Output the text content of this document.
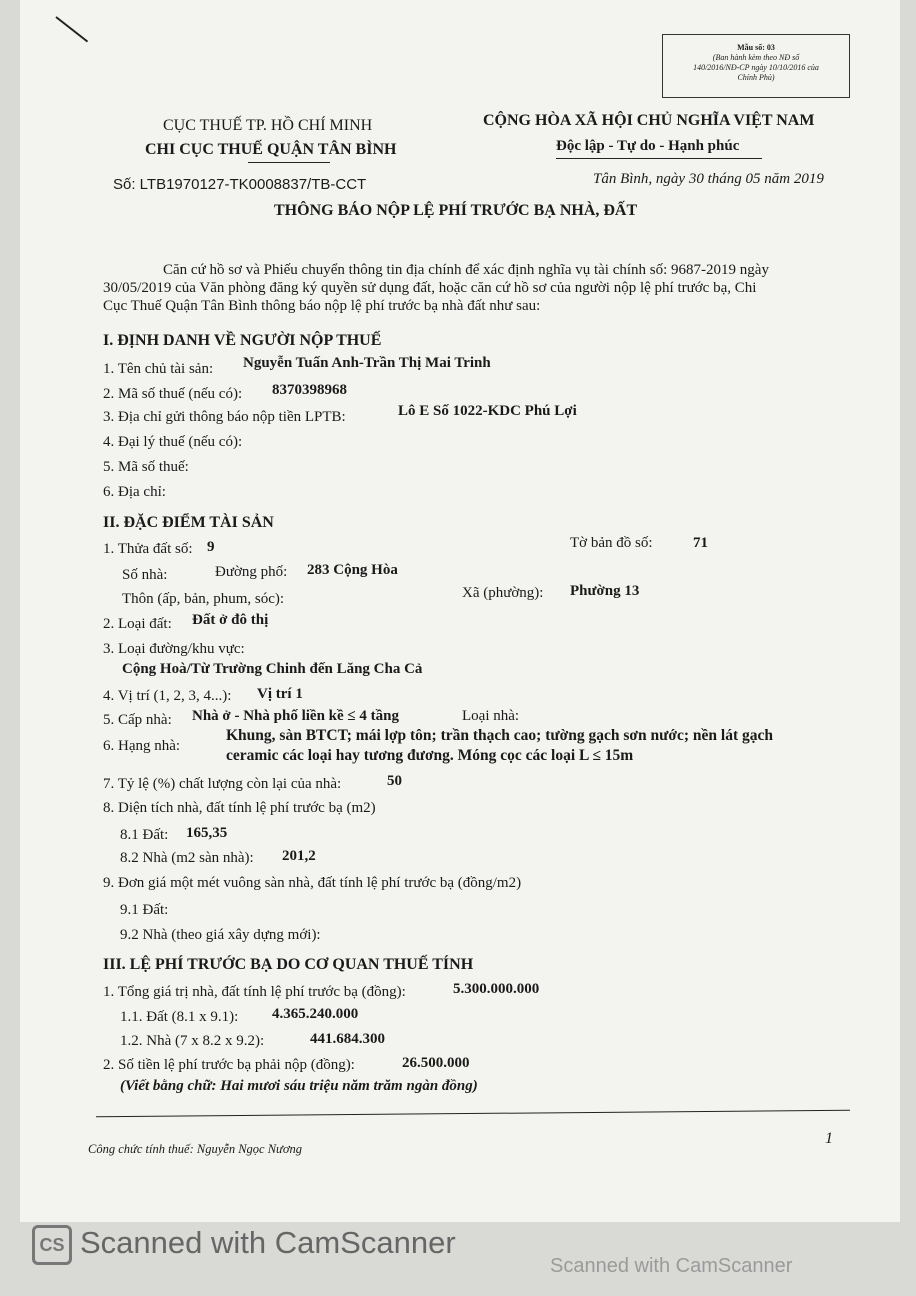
Mẫu số: 03
(Ban hành kèm theo NĐ số
140/2016/NĐ-CP ngày 10/10/2016 của
Chính Phủ)
CỤC THUẾ TP. HỒ CHÍ MINH
CHI CỤC THUẾ QUẬN TÂN BÌNH
Số: LTB1970127-TK0008837/TB-CCT
CỘNG HÒA XÃ HỘI CHỦ NGHĨA VIỆT NAM
Độc lập - Tự do - Hạnh phúc
Tân Bình, ngày 30 tháng 05 năm 2019
THÔNG BÁO NỘP LỆ PHÍ TRƯỚC BẠ NHÀ, ĐẤT
Căn cứ hồ sơ và Phiếu chuyển thông tin địa chính để xác định nghĩa vụ tài chính số: 9687-2019 ngày
30/05/2019 của Văn phòng đăng ký quyền sử dụng đất, hoặc căn cứ hồ sơ của người nộp lệ phí trước bạ, Chi
Cục Thuế Quận Tân Bình thông báo nộp lệ phí trước bạ nhà đất như sau:
I. ĐỊNH DANH VỀ NGƯỜI NỘP THUẾ
1. Tên chủ tài sản: Nguyễn Tuấn Anh-Trần Thị Mai Trinh
2. Mã số thuế (nếu có): 8370398968
3. Địa chỉ gửi thông báo nộp tiền LPTB:	Lô E Số 1022-KDC Phú Lợi
4. Đại lý thuế (nếu có):
5. Mã số thuế:
6. Địa chỉ:
II. ĐẶC ĐIỂM TÀI SẢN
1. Thửa đất số: 9	Tờ bản đồ số:	71
Số nhà:	Đường phố: 283 Cộng Hòa
Thôn (ấp, bản, phum, sóc):	Xã (phường): Phường 13
2. Loại đất: Đất ở đô thị
3. Loại đường/khu vực:
Cộng Hoà/Từ Trường Chinh đến Lăng Cha Cả
4. Vị trí (1, 2, 3, 4...): Vị trí 1
5. Cấp nhà: Nhà ở - Nhà phố liền kề ≤ 4 tầng	Loại nhà:
6. Hạng nhà:
Khung, sàn BTCT; mái lợp tôn; trần thạch cao; tường gạch sơn nước; nền lát gạch
ceramic các loại hay tương đương. Móng cọc các loại L ≤ 15m
7. Tỷ lệ (%) chất lượng còn lại của nhà:	50
8. Diện tích nhà, đất tính lệ phí trước bạ (m2)
8.1 Đất: 165,35
8.2 Nhà (m2 sàn nhà): 201,2
9. Đơn giá một mét vuông sàn nhà, đất tính lệ phí trước bạ (đồng/m2)
9.1 Đất:
9.2 Nhà (theo giá xây dựng mới):
III. LỆ PHÍ TRƯỚC BẠ DO CƠ QUAN THUẾ TÍNH
1. Tổng giá trị nhà, đất tính lệ phí trước bạ (đồng):	5.300.000.000
1.1. Đất (8.1 x 9.1): 4.365.240.000
1.2. Nhà (7 x 8.2 x 9.2):	441.684.300
2. Số tiền lệ phí trước bạ phải nộp (đồng):	26.500.000
(Viết bằng chữ: Hai mươi sáu triệu năm trăm ngàn đồng)
Công chức tính thuế: Nguyễn Ngọc Nương
1
CS Scanned with CamScanner
Scanned with CamScanner
